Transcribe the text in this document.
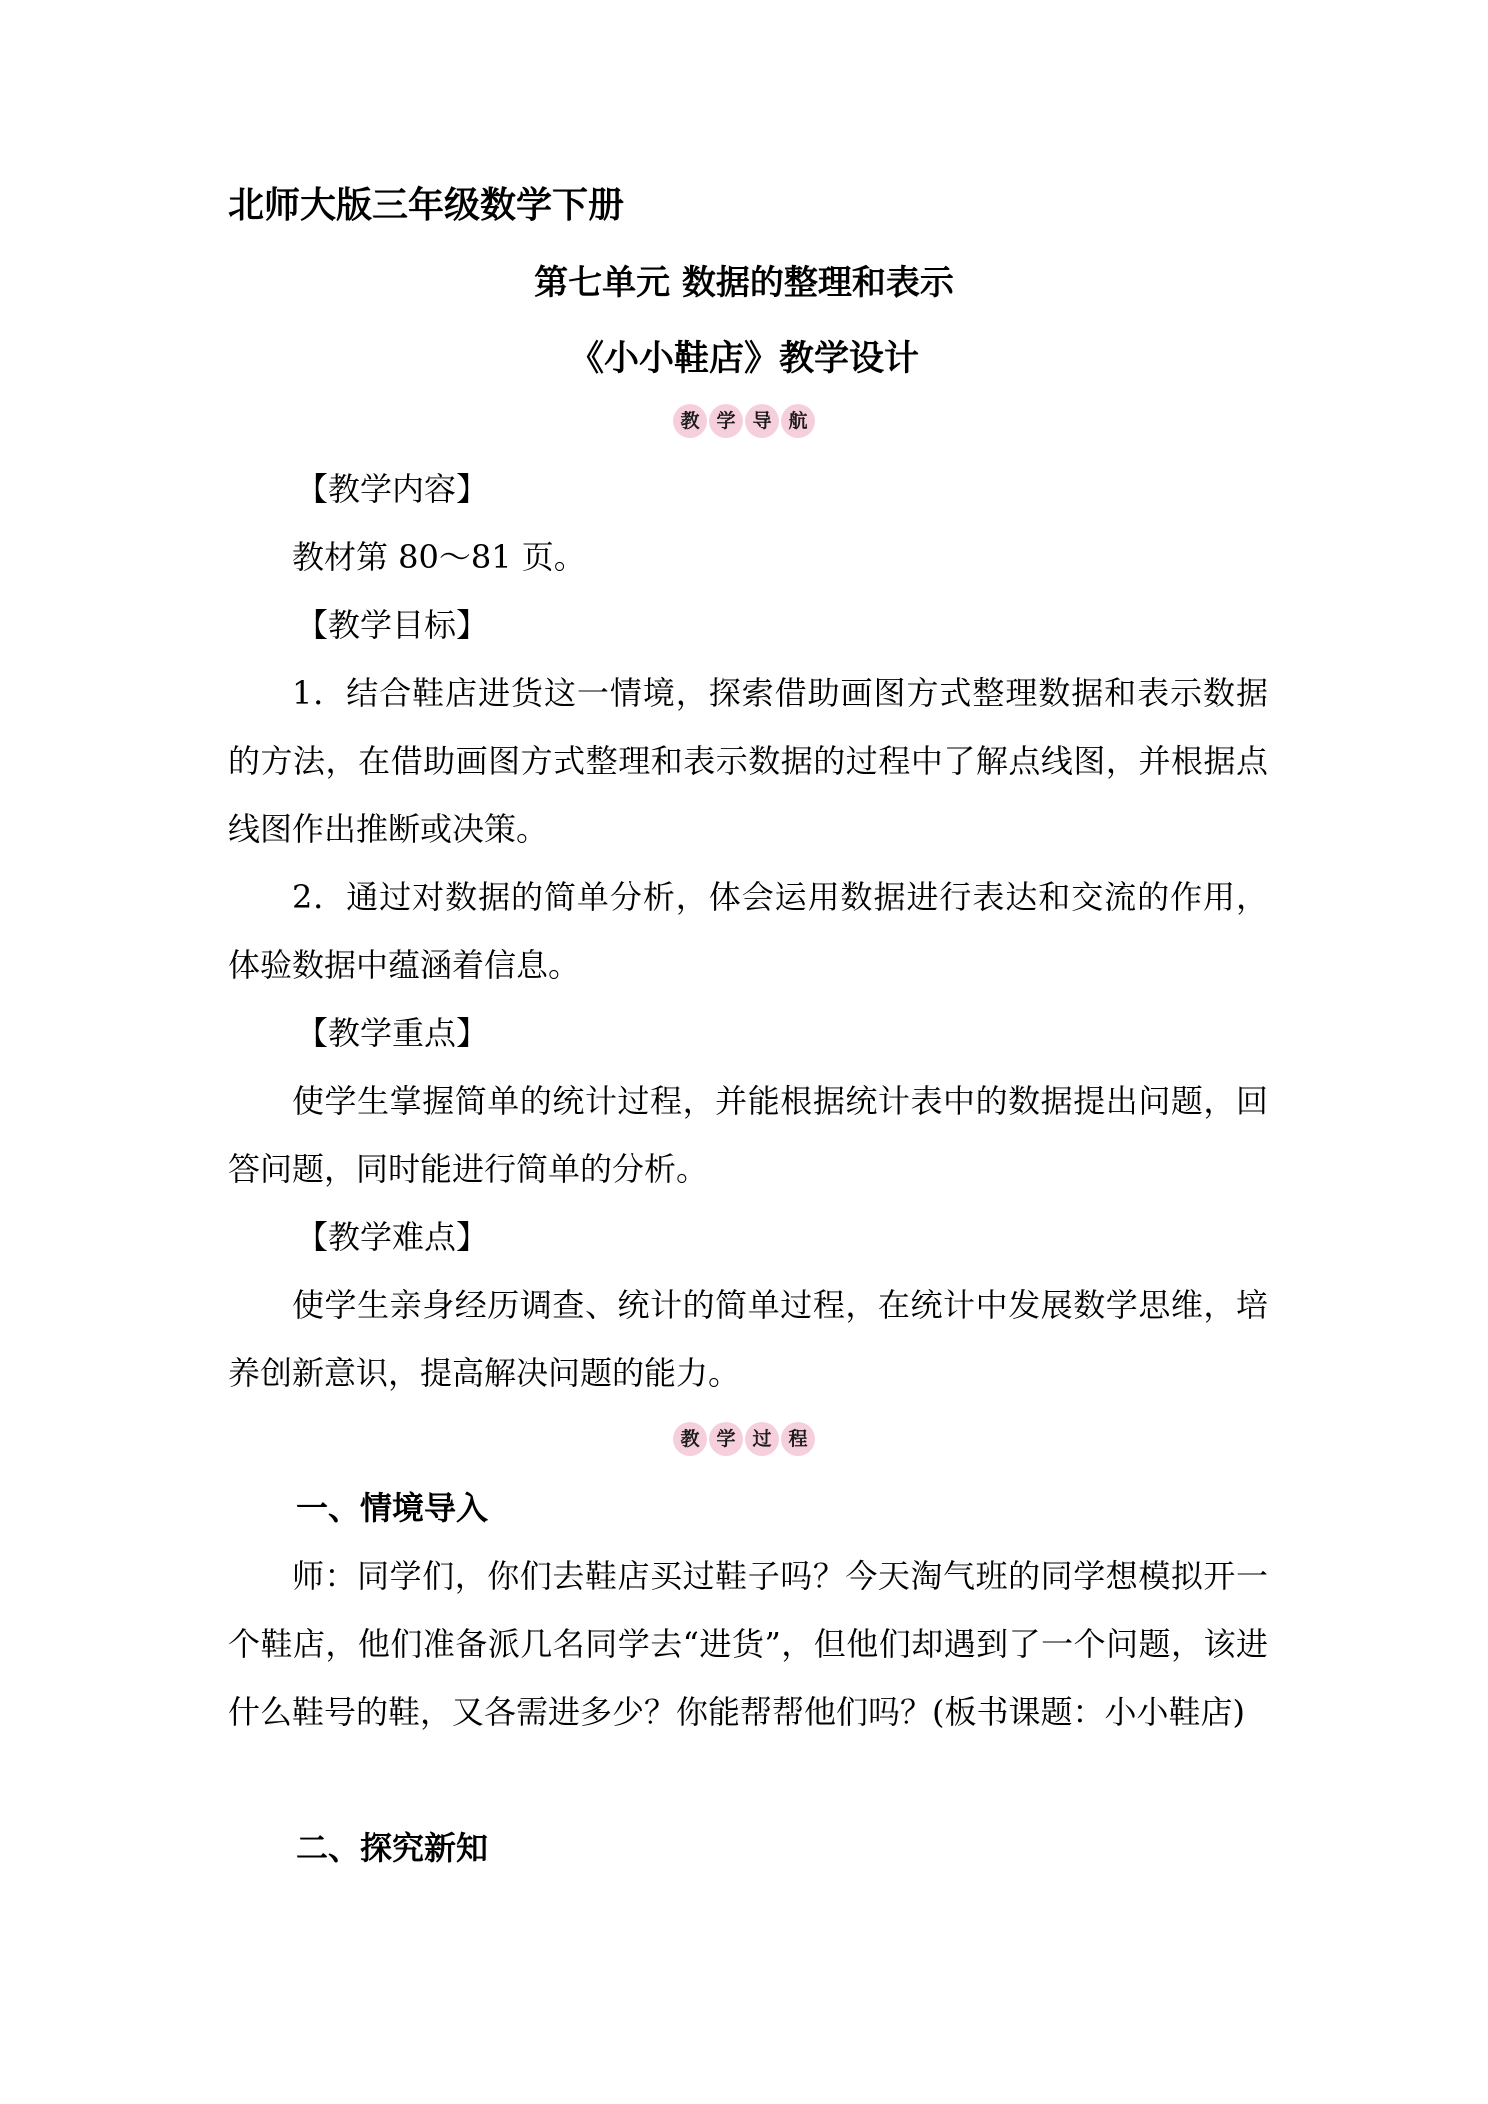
北师大版三年级数学下册
第七单元 数据的整理和表示
《小小鞋店》教学设计
教 学 导 航
【教学内容】

教材第 80～81 页。

【教学目标】

1．结合鞋店进货这一情境，探索借助画图方式整理数据和表示数据的方法，在借助画图方式整理和表示数据的过程中了解点线图，并根据点线图作出推断或决策。

2．通过对数据的简单分析，体会运用数据进行表达和交流的作用，体验数据中蕴涵着信息。

【教学重点】

使学生掌握简单的统计过程，并能根据统计表中的数据提出问题，回答问题，同时能进行简单的分析。

【教学难点】

使学生亲身经历调查、统计的简单过程，在统计中发展数学思维，培养创新意识，提高解决问题的能力。

教 学 过 程
一、情境导入

师：同学们，你们去鞋店买过鞋子吗？今天淘气班的同学想模拟开一个鞋店，他们准备派几名同学去“进货”，但他们却遇到了一个问题，该进什么鞋号的鞋，又各需进多少？你能帮帮他们吗？(板书课题：小小鞋店)

二、探究新知
